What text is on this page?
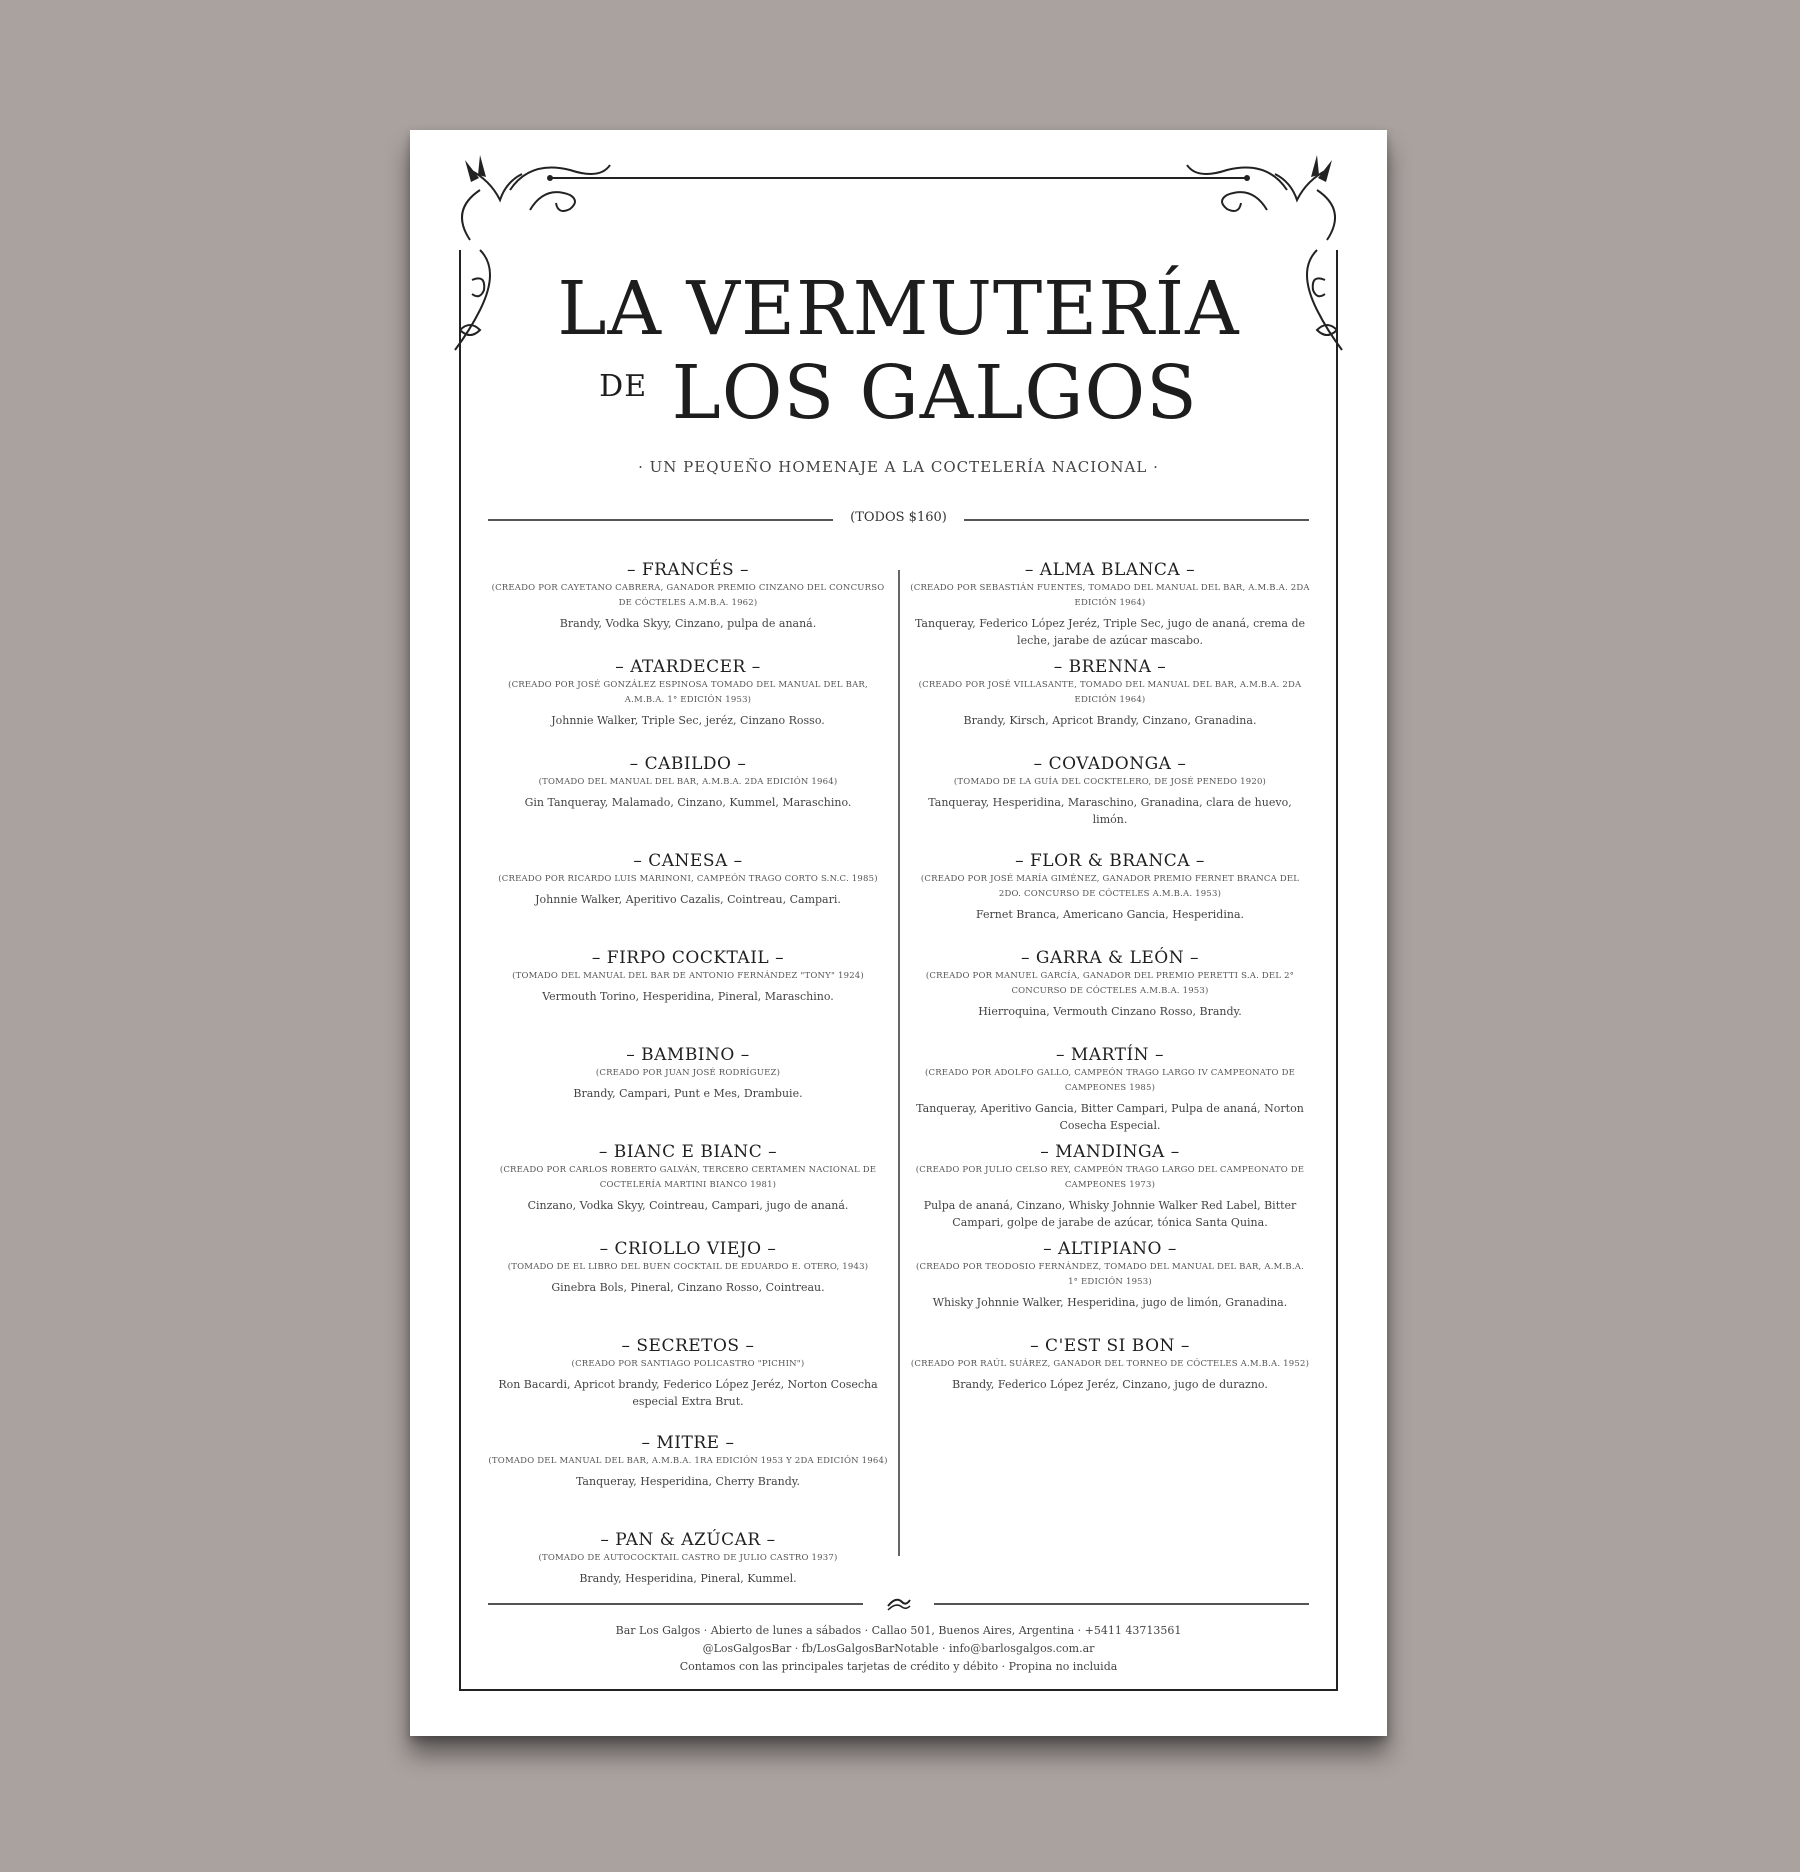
LA VERMUTERÍA
$^{DE}$ LOS GALGOS
· UN PEQUEÑO HOMENAJE A LA COCTELERÍA NACIONAL ·
(TODOS $160)
– FRANCÉS –
(CREADO POR CAYETANO CABRERA, GANADOR PREMIO CINZANO DEL CONCURSO DE CÓCTELES A.M.B.A. 1962)
Brandy, Vodka Skyy, Cinzano, pulpa de ananá.
– ATARDECER –
(CREADO POR JOSÉ GONZÁLEZ ESPINOSA TOMADO DEL MANUAL DEL BAR, A.M.B.A. 1° EDICIÓN 1953)
Johnnie Walker, Triple Sec, jeréz, Cinzano Rosso.
– CABILDO –
(TOMADO DEL MANUAL DEL BAR, A.M.B.A. 2DA EDICIÓN 1964)
Gin Tanqueray, Malamado, Cinzano, Kummel, Maraschino.
– CANESA –
(CREADO POR RICARDO LUIS MARINONI, CAMPEÓN TRAGO CORTO S.N.C. 1985)
Johnnie Walker, Aperitivo Cazalis, Cointreau, Campari.
– FIRPO COCKTAIL –
(TOMADO DEL MANUAL DEL BAR DE ANTONIO FERNÁNDEZ "TONY" 1924)
Vermouth Torino, Hesperidina, Pineral, Maraschino.
– BAMBINO –
(CREADO POR JUAN JOSÉ RODRÍGUEZ)
Brandy, Campari, Punt e Mes, Drambuie.
– BIANC E BIANC –
(CREADO POR CARLOS ROBERTO GALVÁN, TERCERO CERTAMEN NACIONAL DE COCTELERÍA MARTINI BIANCO 1981)
Cinzano, Vodka Skyy, Cointreau, Campari, jugo de ananá.
– CRIOLLO VIEJO –
(TOMADO DE EL LIBRO DEL BUEN COCKTAIL DE EDUARDO E. OTERO, 1943)
Ginebra Bols, Pineral, Cinzano Rosso, Cointreau.
– SECRETOS –
(CREADO POR SANTIAGO POLICASTRO "PICHIN")
Ron Bacardi, Apricot brandy, Federico López Jeréz, Norton Cosecha especial Extra Brut.
– MITRE –
(TOMADO DEL MANUAL DEL BAR, A.M.B.A. 1RA EDICIÓN 1953 Y 2DA EDICIÓN 1964)
Tanqueray, Hesperidina, Cherry Brandy.
– PAN & AZÚCAR –
(TOMADO DE AUTOCOCKTAIL CASTRO DE JULIO CASTRO 1937)
Brandy, Hesperidina, Pineral, Kummel.
– ALMA BLANCA –
(CREADO POR SEBASTIÁN FUENTES, TOMADO DEL MANUAL DEL BAR, A.M.B.A. 2DA EDICIÓN 1964)
Tanqueray, Federico López Jeréz, Triple Sec, jugo de ananá, crema de leche, jarabe de azúcar mascabo.
– BRENNA –
(CREADO POR JOSÉ VILLASANTE, TOMADO DEL MANUAL DEL BAR, A.M.B.A. 2DA EDICIÓN 1964)
Brandy, Kirsch, Apricot Brandy, Cinzano, Granadina.
– COVADONGA –
(TOMADO DE LA GUÍA DEL COCKTELERO, DE JOSÉ PENEDO 1920)
Tanqueray, Hesperidina, Maraschino, Granadina, clara de huevo, limón.
– FLOR & BRANCA –
(CREADO POR JOSÉ MARÍA GIMÉNEZ, GANADOR PREMIO FERNET BRANCA DEL 2DO. CONCURSO DE CÓCTELES A.M.B.A. 1953)
Fernet Branca, Americano Gancia, Hesperidina.
– GARRA & LEÓN –
(CREADO POR MANUEL GARCÍA, GANADOR DEL PREMIO PERETTI S.A. DEL 2° CONCURSO DE CÓCTELES A.M.B.A. 1953)
Hierroquina, Vermouth Cinzano Rosso, Brandy.
– MARTÍN –
(CREADO POR ADOLFO GALLO, CAMPEÓN TRAGO LARGO IV CAMPEONATO DE CAMPEONES 1985)
Tanqueray, Aperitivo Gancia, Bitter Campari, Pulpa de ananá, Norton Cosecha Especial.
– MANDINGA –
(CREADO POR JULIO CELSO REY, CAMPEÓN TRAGO LARGO DEL CAMPEONATO DE CAMPEONES 1973)
Pulpa de ananá, Cinzano, Whisky Johnnie Walker Red Label, Bitter Campari, golpe de jarabe de azúcar, tónica Santa Quina.
– ALTIPIANO –
(CREADO POR TEODOSIO FERNÁNDEZ, TOMADO DEL MANUAL DEL BAR, A.M.B.A. 1° EDICIÓN 1953)
Whisky Johnnie Walker, Hesperidina, jugo de limón, Granadina.
– C'EST SI BON –
(CREADO POR RAÚL SUÁREZ, GANADOR DEL TORNEO DE CÓCTELES A.M.B.A. 1952)
Brandy, Federico López Jeréz, Cinzano, jugo de durazno.
Bar Los Galgos · Abierto de lunes a sábados · Callao 501, Buenos Aires, Argentina · +5411 43713561
@LosGalgosBar · fb/LosGalgosBarNotable · info@barlosgalgos.com.ar
Contamos con las principales tarjetas de crédito y débito · Propina no incluida
